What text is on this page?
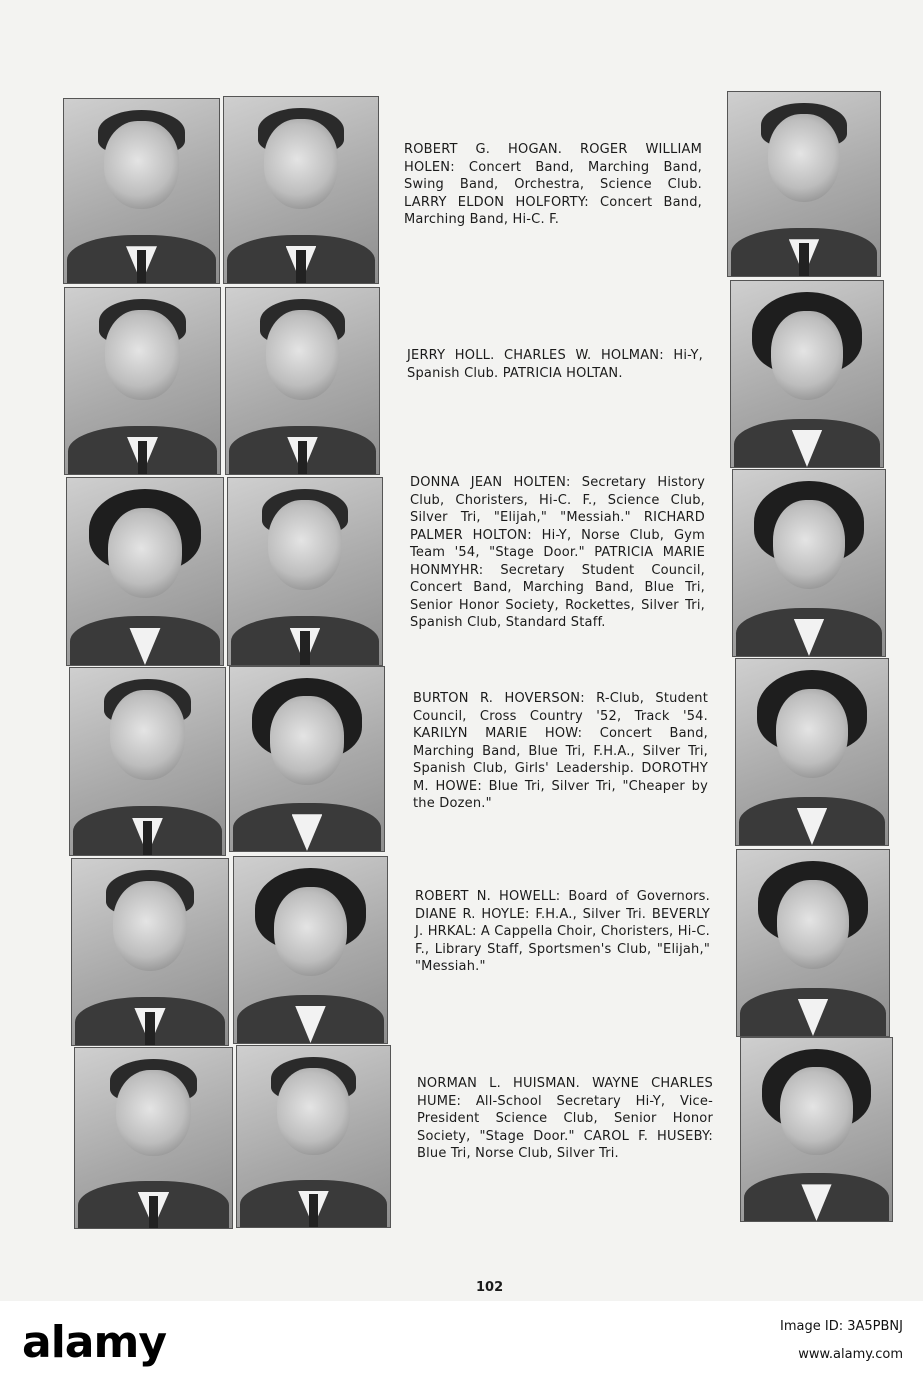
ROBERT G. HOGAN. ROGER WILLIAM HOLEN: Concert Band, Marching Band, Swing Band, Orchestra, Science Club. LARRY ELDON HOLFORTY: Concert Band, Marching Band, Hi-C. F.

JERRY HOLL. CHARLES W. HOLMAN: Hi-Y, Spanish Club. PATRICIA HOLTAN.

DONNA JEAN HOLTEN: Secretary History Club, Choristers, Hi-C. F., Science Club, Silver Tri, "Elijah," "Messiah." RICHARD PALMER HOLTON: Hi-Y, Norse Club, Gym Team '54, "Stage Door." PATRICIA MARIE HONMYHR: Secretary Student Council, Concert Band, Marching Band, Blue Tri, Senior Honor Society, Rockettes, Silver Tri, Spanish Club, Standard Staff.

BURTON R. HOVERSON: R-Club, Student Council, Cross Country '52, Track '54. KARILYN MARIE HOW: Concert Band, Marching Band, Blue Tri, F.H.A., Silver Tri, Spanish Club, Girls' Leadership. DOROTHY M. HOWE: Blue Tri, Silver Tri, "Cheaper by the Dozen."

ROBERT N. HOWELL: Board of Governors. DIANE R. HOYLE: F.H.A., Silver Tri. BEVERLY J. HRKAL: A Cappella Choir, Choristers, Hi-C. F., Library Staff, Sportsmen's Club, "Elijah," "Messiah."

NORMAN L. HUISMAN. WAYNE CHARLES HUME: All-School Secretary Hi-Y, Vice-President Science Club, Senior Honor Society, "Stage Door." CAROL F. HUSEBY: Blue Tri, Norse Club, Silver Tri.

102
alamy	Image ID: 3A5PBNJ
www.alamy.com
